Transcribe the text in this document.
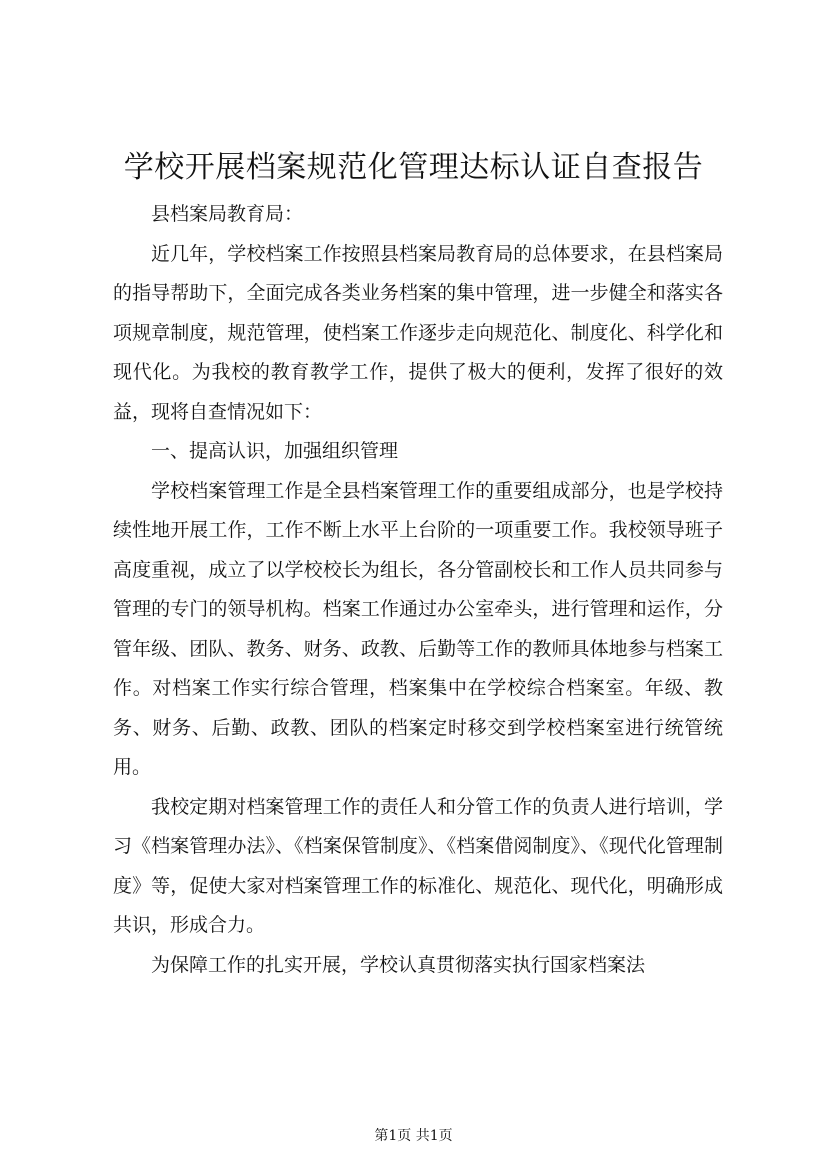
学校开展档案规范化管理达标认证自查报告

县档案局教育局：

近几年，学校档案工作按照县档案局教育局的总体要求，在县档案局的指导帮助下，全面完成各类业务档案的集中管理，进一步健全和落实各项规章制度，规范管理，使档案工作逐步走向规范化、制度化、科学化和现代化。为我校的教育教学工作，提供了极大的便利，发挥了很好的效益，现将自查情况如下：

一、提高认识，加强组织管理

学校档案管理工作是全县档案管理工作的重要组成部分，也是学校持续性地开展工作，工作不断上水平上台阶的一项重要工作。我校领导班子高度重视，成立了以学校校长为组长，各分管副校长和工作人员共同参与管理的专门的领导机构。档案工作通过办公室牵头，进行管理和运作，分管年级、团队、教务、财务、政教、后勤等工作的教师具体地参与档案工作。对档案工作实行综合管理，档案集中在学校综合档案室。年级、教务、财务、后勤、政教、团队的档案定时移交到学校档案室进行统管统用。

我校定期对档案管理工作的责任人和分管工作的负责人进行培训，学习《档案管理办法》、《档案保管制度》、《档案借阅制度》、《现代化管理制度》等，促使大家对档案管理工作的标准化、规范化、现代化，明确形成共识，形成合力。

为保障工作的扎实开展，学校认真贯彻落实执行国家档案法

第1页 共1页
